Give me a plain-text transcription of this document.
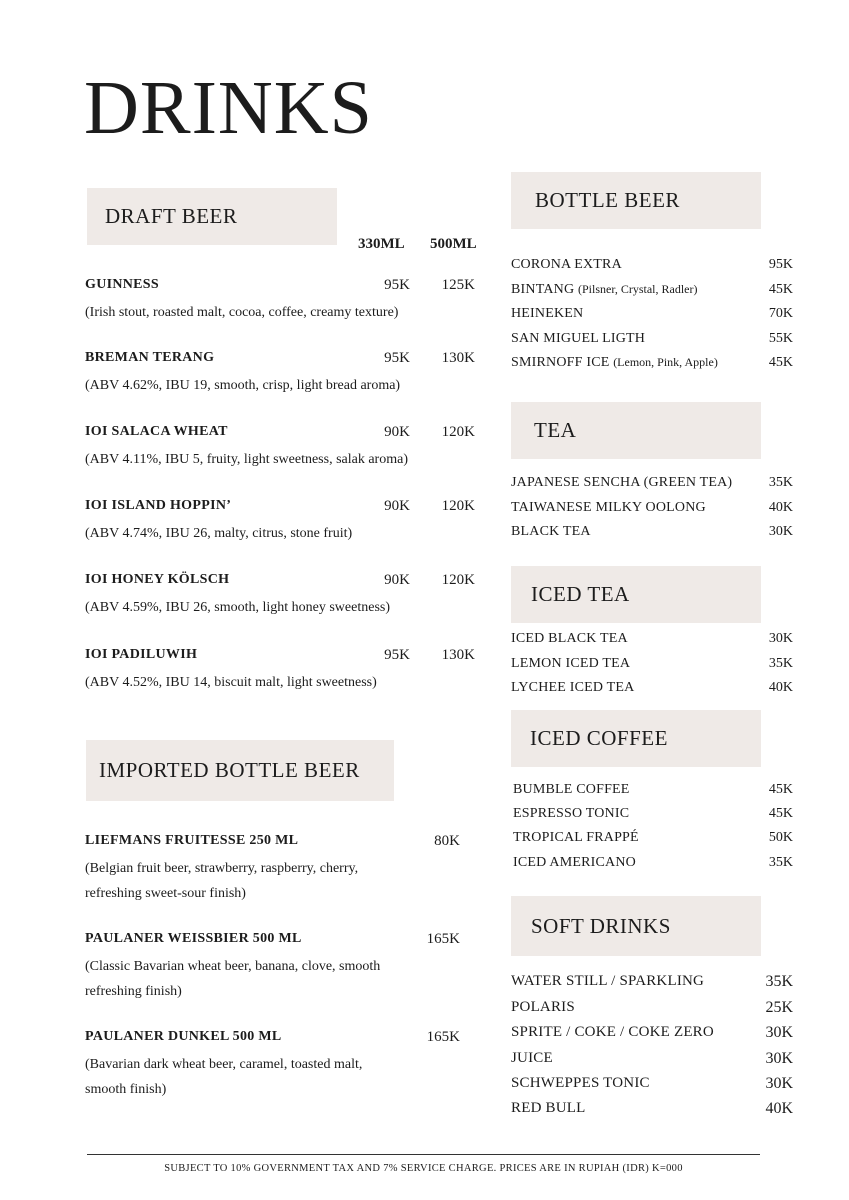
DRINKS
DRAFT BEER
330ML 500ML
GUINNESS	95K	125K
(Irish stout, roasted malt, cocoa, coffee, creamy texture)
BREMAN TERANG	95K	130K
(ABV 4.62%, IBU 19, smooth, crisp, light bread aroma)
IOI SALACA WHEAT	90K	120K
(ABV 4.11%, IBU 5, fruity, light sweetness, salak aroma)
IOI ISLAND HOPPIN’	90K	120K
(ABV 4.74%, IBU 26, malty, citrus, stone fruit)
IOI HONEY KÖLSCH	90K	120K
(ABV 4.59%, IBU 26, smooth, light honey sweetness)
IOI PADILUWIH	95K	130K
(ABV 4.52%, IBU 14, biscuit malt, light sweetness)
IMPORTED BOTTLE BEER
LIEFMANS FRUITESSE 250 ML	80K
(Belgian fruit beer, strawberry, raspberry, cherry, refreshing sweet-sour finish)
PAULANER WEISSBIER 500 ML	165K
(Classic Bavarian wheat beer, banana, clove, smooth refreshing finish)
PAULANER DUNKEL 500 ML	165K
(Bavarian dark wheat beer, caramel, toasted malt, smooth finish)
BOTTLE BEER
CORONA EXTRA	95K
BINTANG (Pilsner, Crystal, Radler)	45K
HEINEKEN	70K
SAN MIGUEL LIGTH	55K
SMIRNOFF ICE (Lemon, Pink, Apple)	45K
TEA
JAPANESE SENCHA (GREEN TEA)	35K
TAIWANESE MILKY OOLONG	40K
BLACK TEA	30K
ICED TEA
ICED BLACK TEA	30K
LEMON ICED TEA	35K
LYCHEE ICED TEA	40K
ICED COFFEE
BUMBLE COFFEE	45K
ESPRESSO TONIC	45K
TROPICAL FRAPPÉ	50K
ICED AMERICANO	35K
SOFT DRINKS
WATER STILL / SPARKLING	35K
POLARIS	25K
SPRITE / COKE / COKE ZERO	30K
JUICE	30K
SCHWEPPES TONIC	30K
RED BULL	40K
SUBJECT TO 10% GOVERNMENT TAX AND 7% SERVICE CHARGE. PRICES ARE IN RUPIAH (IDR) K=000
